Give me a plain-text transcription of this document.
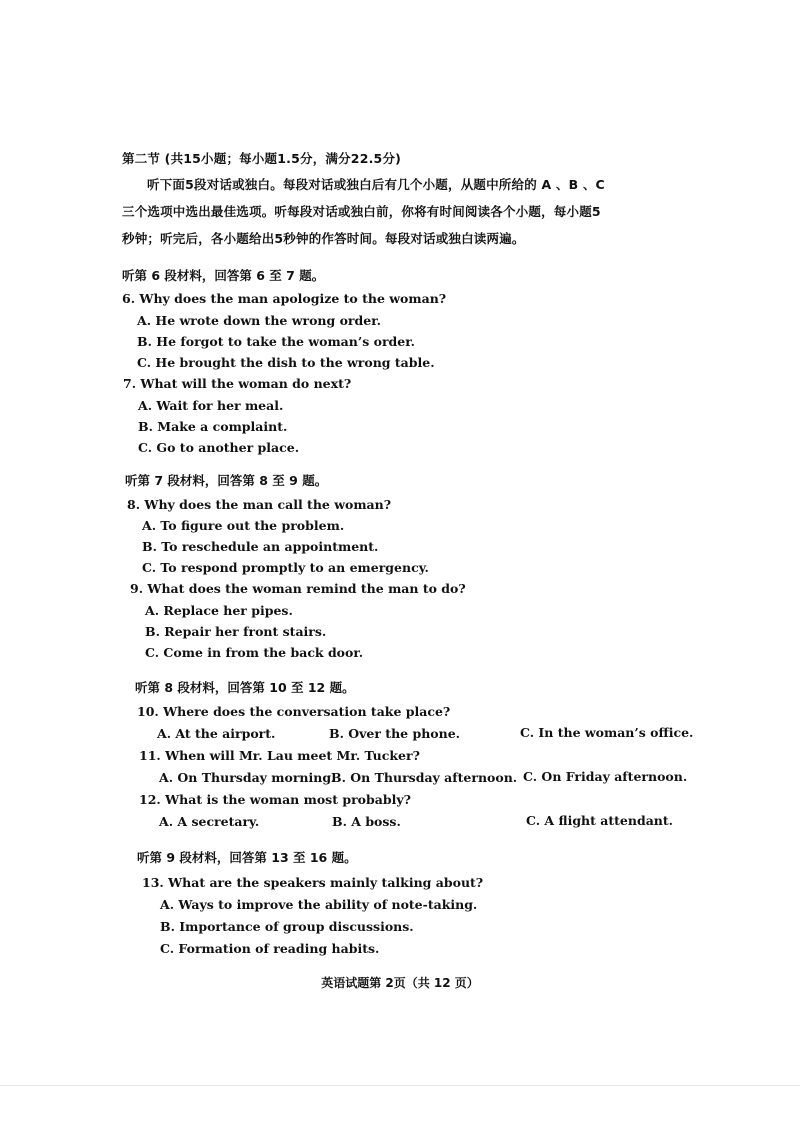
第二节 (共15小题；每小题1.5分，满分22.5分)
听下面5段对话或独白。每段对话或独白后有几个小题，从题中所给的 A 、B 、C
三个选项中选出最佳选项。听每段对话或独白前，你将有时间阅读各个小题，每小题5
秒钟；听完后，各小题给出5秒钟的作答时间。每段对话或独白读两遍。
听第 6 段材料，回答第 6 至 7 题。
6. Why does the man apologize to the woman?
A. He wrote down the wrong order.
B. He forgot to take the woman’s order.
C. He brought the dish to the wrong table.
7. What will the woman do next?
A. Wait for her meal.
B. Make a complaint.
C. Go to another place.
听第 7 段材料，回答第 8 至 9 题。
8. Why does the man call the woman?
A. To figure out the problem.
B. To reschedule an appointment.
C. To respond promptly to an emergency.
9. What does the woman remind the man to do?
A. Replace her pipes.
B. Repair her front stairs.
C. Come in from the back door.
听第 8 段材料，回答第 10 至 12 题。
10. Where does the conversation take place?
A. At the airport.	B. Over the phone.	C. In the woman’s office.
11. When will Mr. Lau meet Mr. Tucker?
A. On Thursday morning.
B. On Thursday afternoon. C. On Friday afternoon.
12. What is the woman most probably?
A. A secretary.	B. A boss.	C. A flight attendant.
听第 9 段材料，回答第 13 至 16 题。
13. What are the speakers mainly talking about?
A. Ways to improve the ability of note-taking.
B. Importance of group discussions.
C. Formation of reading habits.
英语试题第 2页（共 12 页）
